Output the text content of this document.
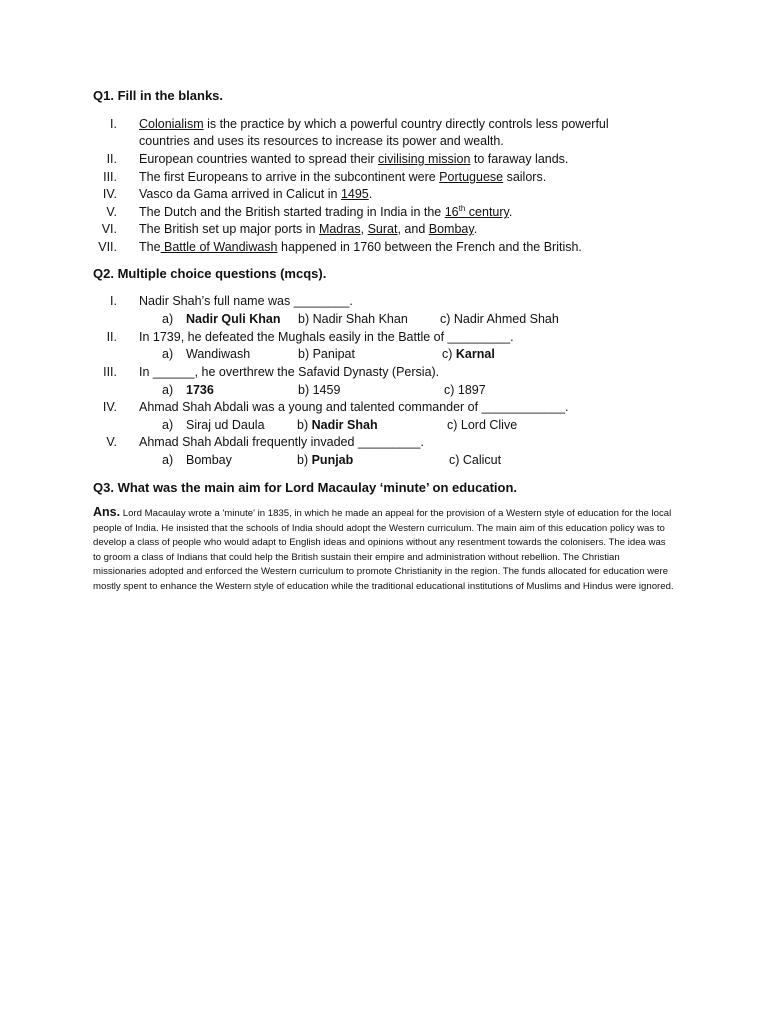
Q1. Fill in the blanks.
I. Colonialism is the practice by which a powerful country directly controls less powerful
countries and uses its resources to increase its power and wealth.
II. European countries wanted to spread their civilising mission to faraway lands.
III. The first Europeans to arrive in the subcontinent were Portuguese sailors.
IV. Vasco da Gama arrived in Calicut in 1495.
V. The Dutch and the British started trading in India in the 16th century.
VI. The British set up major ports in Madras, Surat, and Bombay.
VII. The Battle of Wandiwash happened in 1760 between the French and the British.
Q2. Multiple choice questions (mcqs).
I. Nadir Shah’s full name was ________.
a) Nadir Quli Khan b) Nadir Shah Khan	c) Nadir Ahmed Shah
II. In 1739, he defeated the Mughals easily in the Battle of _________.
a) Wandiwash	b) Panipat	c) Karnal
III. In ______, he overthrew the Safavid Dynasty (Persia).
a) 1736	b) 1459	c) 1897
IV. Ahmad Shah Abdali was a young and talented commander of ____________.
a) Siraj ud Daula	b) Nadir Shah	c) Lord Clive
V. Ahmad Shah Abdali frequently invaded _________.
a) Bombay	b) Punjab	c) Calicut
Q3. What was the main aim for Lord Macaulay ‘minute’ on education.
Ans. Lord Macaulay wrote a 'minute' in 1835, in which he made an appeal for the provision of a Western style of education for the local people of India. He insisted that the schools of India should adopt the Western curriculum. The main aim of this education policy was to develop a class of people who would adapt to English ideas and opinions without any resentment towards the colonisers. The idea was to groom a class of Indians that could help the British sustain their empire and administration without rebellion. The Christian missionaries adopted and enforced the Western curriculum to promote Christianity in the region. The funds allocated for education were mostly spent to enhance the Western style of education while the traditional educational institutions of Muslims and Hindus were ignored.
